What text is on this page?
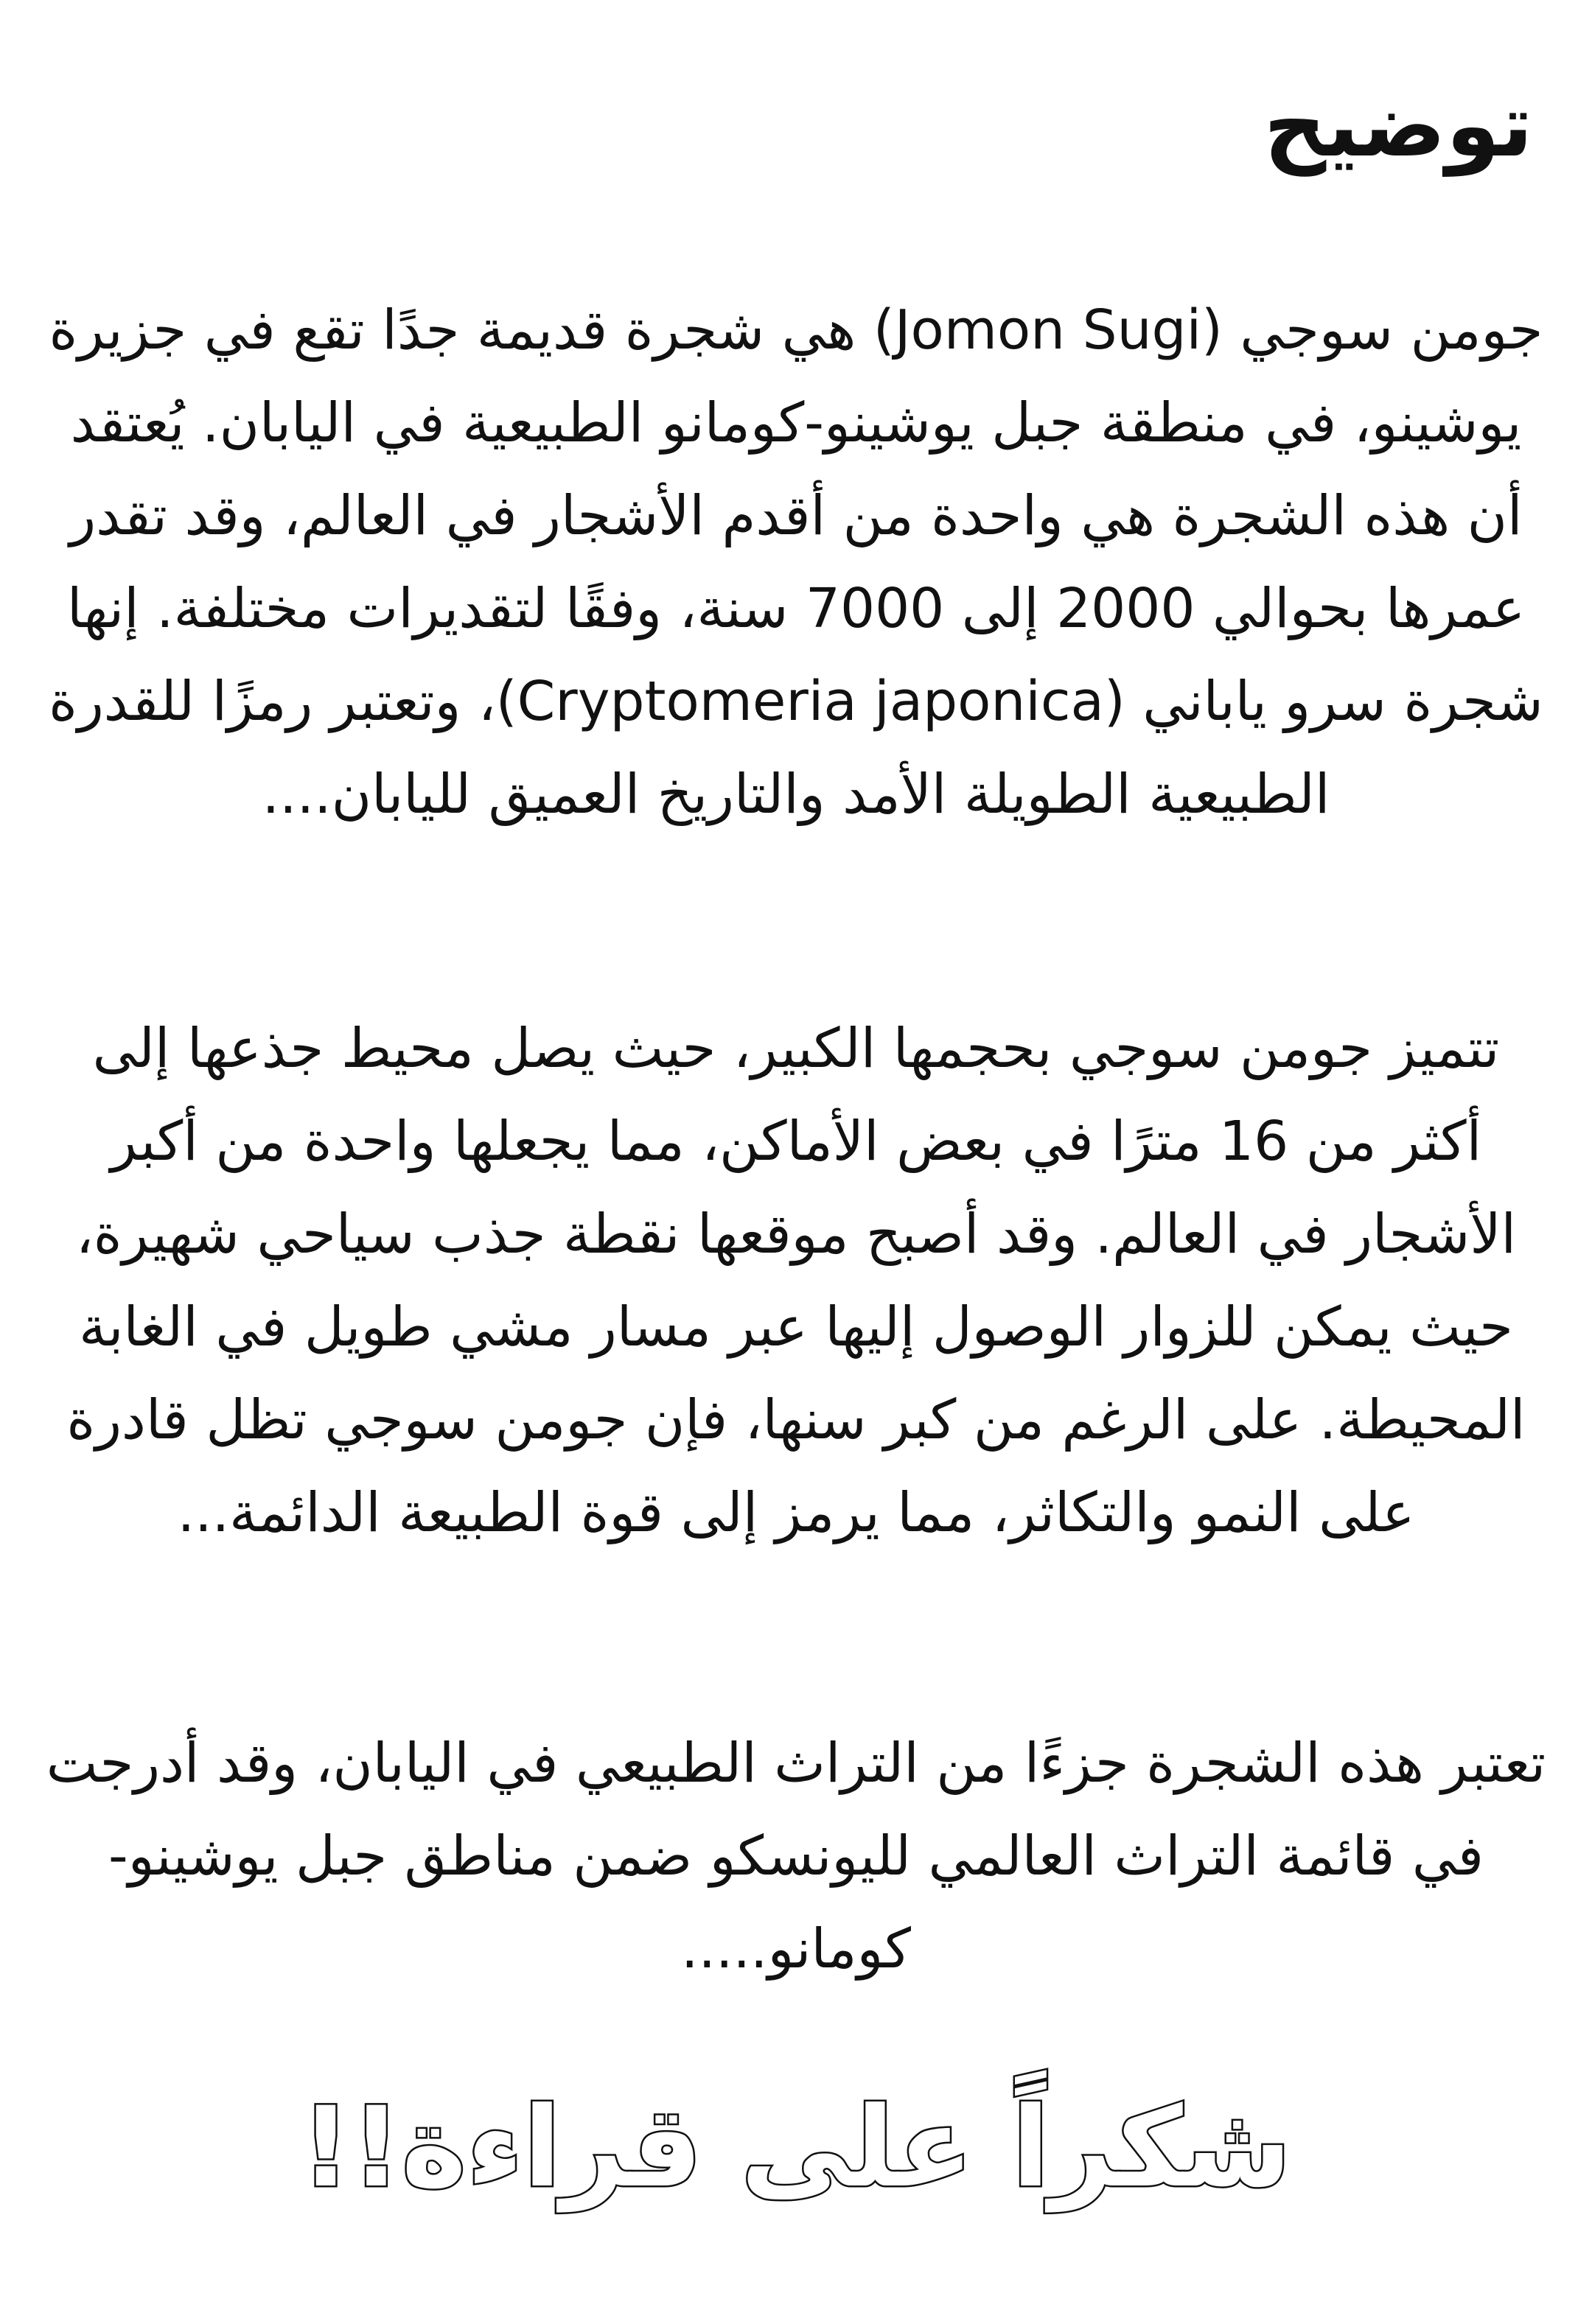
توضيح

جومن سوجي (Jomon Sugi) هي شجرة قديمة جدًا تقع في جزيرة يوشينو، في منطقة جبل يوشينو-كومانو الطبيعية في اليابان. يُعتقد أن هذه الشجرة هي واحدة من أقدم الأشجار في العالم، وقد تقدر عمرها بحوالي 2000 إلى 7000 سنة، وفقًا لتقديرات مختلفة. إنها شجرة سرو ياباني (Cryptomeria japonica)، وتعتبر رمزًا للقدرة الطبيعية الطويلة الأمد والتاريخ العميق لليابان....

تتميز جومن سوجي بحجمها الكبير، حيث يصل محيط جذعها إلى أكثر من 16 مترًا في بعض الأماكن، مما يجعلها واحدة من أكبر الأشجار في العالم. وقد أصبح موقعها نقطة جذب سياحي شهيرة، حيث يمكن للزوار الوصول إليها عبر مسار مشي طويل في الغابة المحيطة. على الرغم من كبر سنها، فإن جومن سوجي تظل قادرة على النمو والتكاثر، مما يرمز إلى قوة الطبيعة الدائمة...

تعتبر هذه الشجرة جزءًا من التراث الطبيعي في اليابان، وقد أدرجت في قائمة التراث العالمي لليونسكو ضمن مناطق جبل يوشينو-كومانو.....

شكراً على قراءة!!
